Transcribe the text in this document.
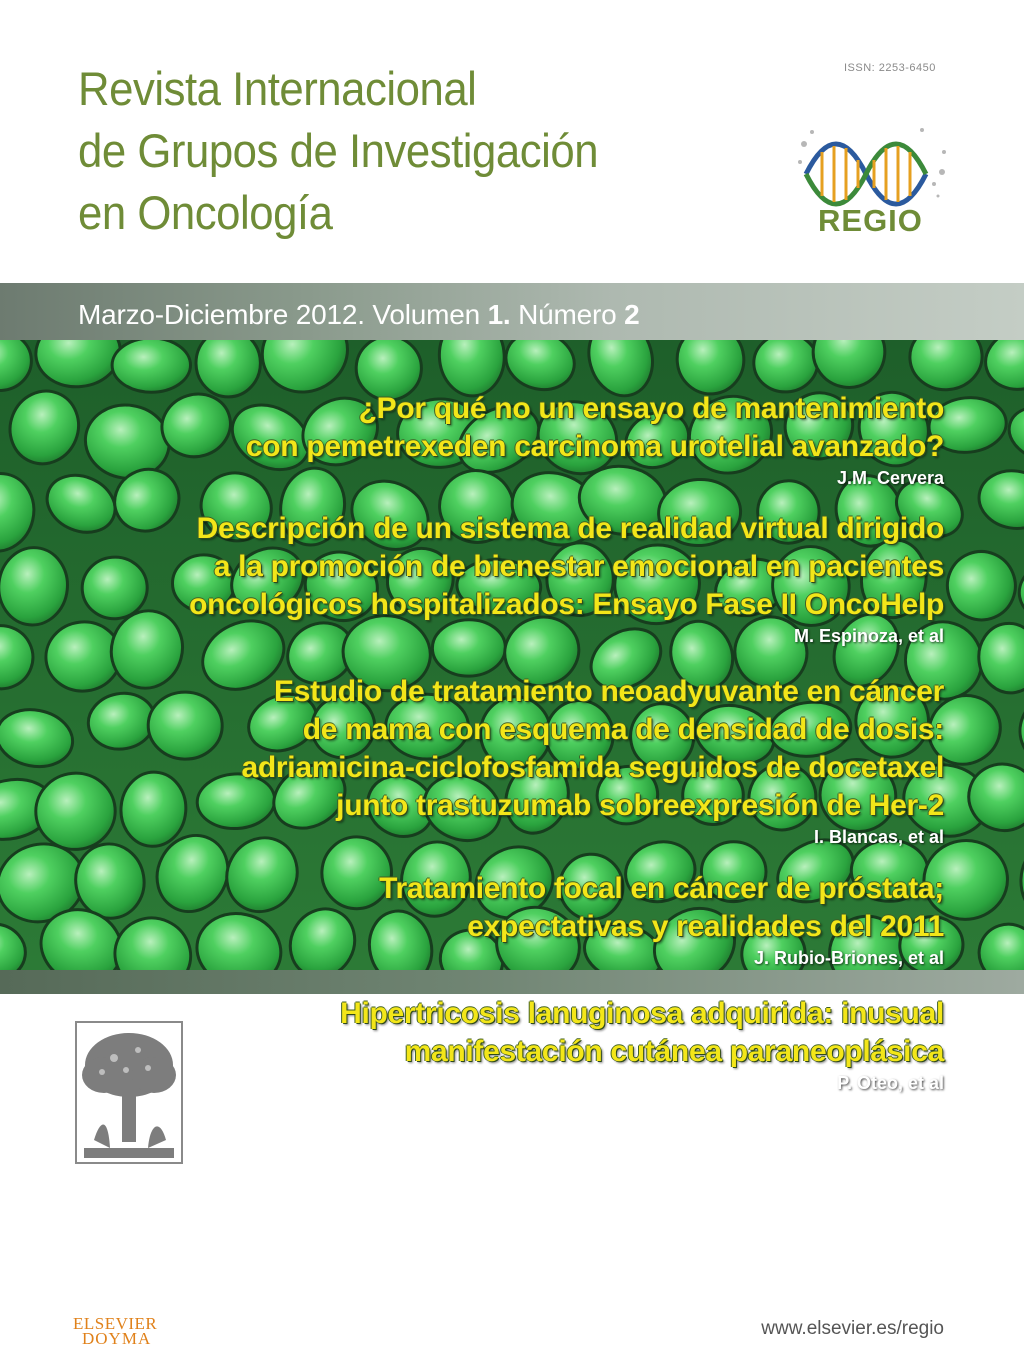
Revista Internacional
de Grupos de Investigación
en Oncología
ISSN: 2253-6450
RΕGΙΟ
Marzo-Diciembre 2012. Volumen 1. Número 2
¿Por qué no un ensayo de mantenimiento
con pemetrexeden carcinoma urotelial avanzado?
J.M. Cervera
Descripción de un sistema de realidad virtual dirigido
a la promoción de bienestar emocional en pacientes
oncológicos hospitalizados: Ensayo Fase II OncoHelp
M. Espinoza, et al
Estudio de tratamiento neoadyuvante en cáncer
de mama con esquema de densidad de dosis:
adriamicina-ciclofosfamida seguidos de docetaxel
junto trastuzumab sobreexpresión de Her-2
I. Blancas, et al
Tratamiento focal en cáncer de próstata;
expectativas y realidades del 2011
J. Rubio-Briones, et al
Hipertricosis lanuginosa adquirida: inusual
manifestación cutánea paraneoplásica
P. Oteo, et al
ELSEVIER
DOYMA	www.elsevier.es/regio
